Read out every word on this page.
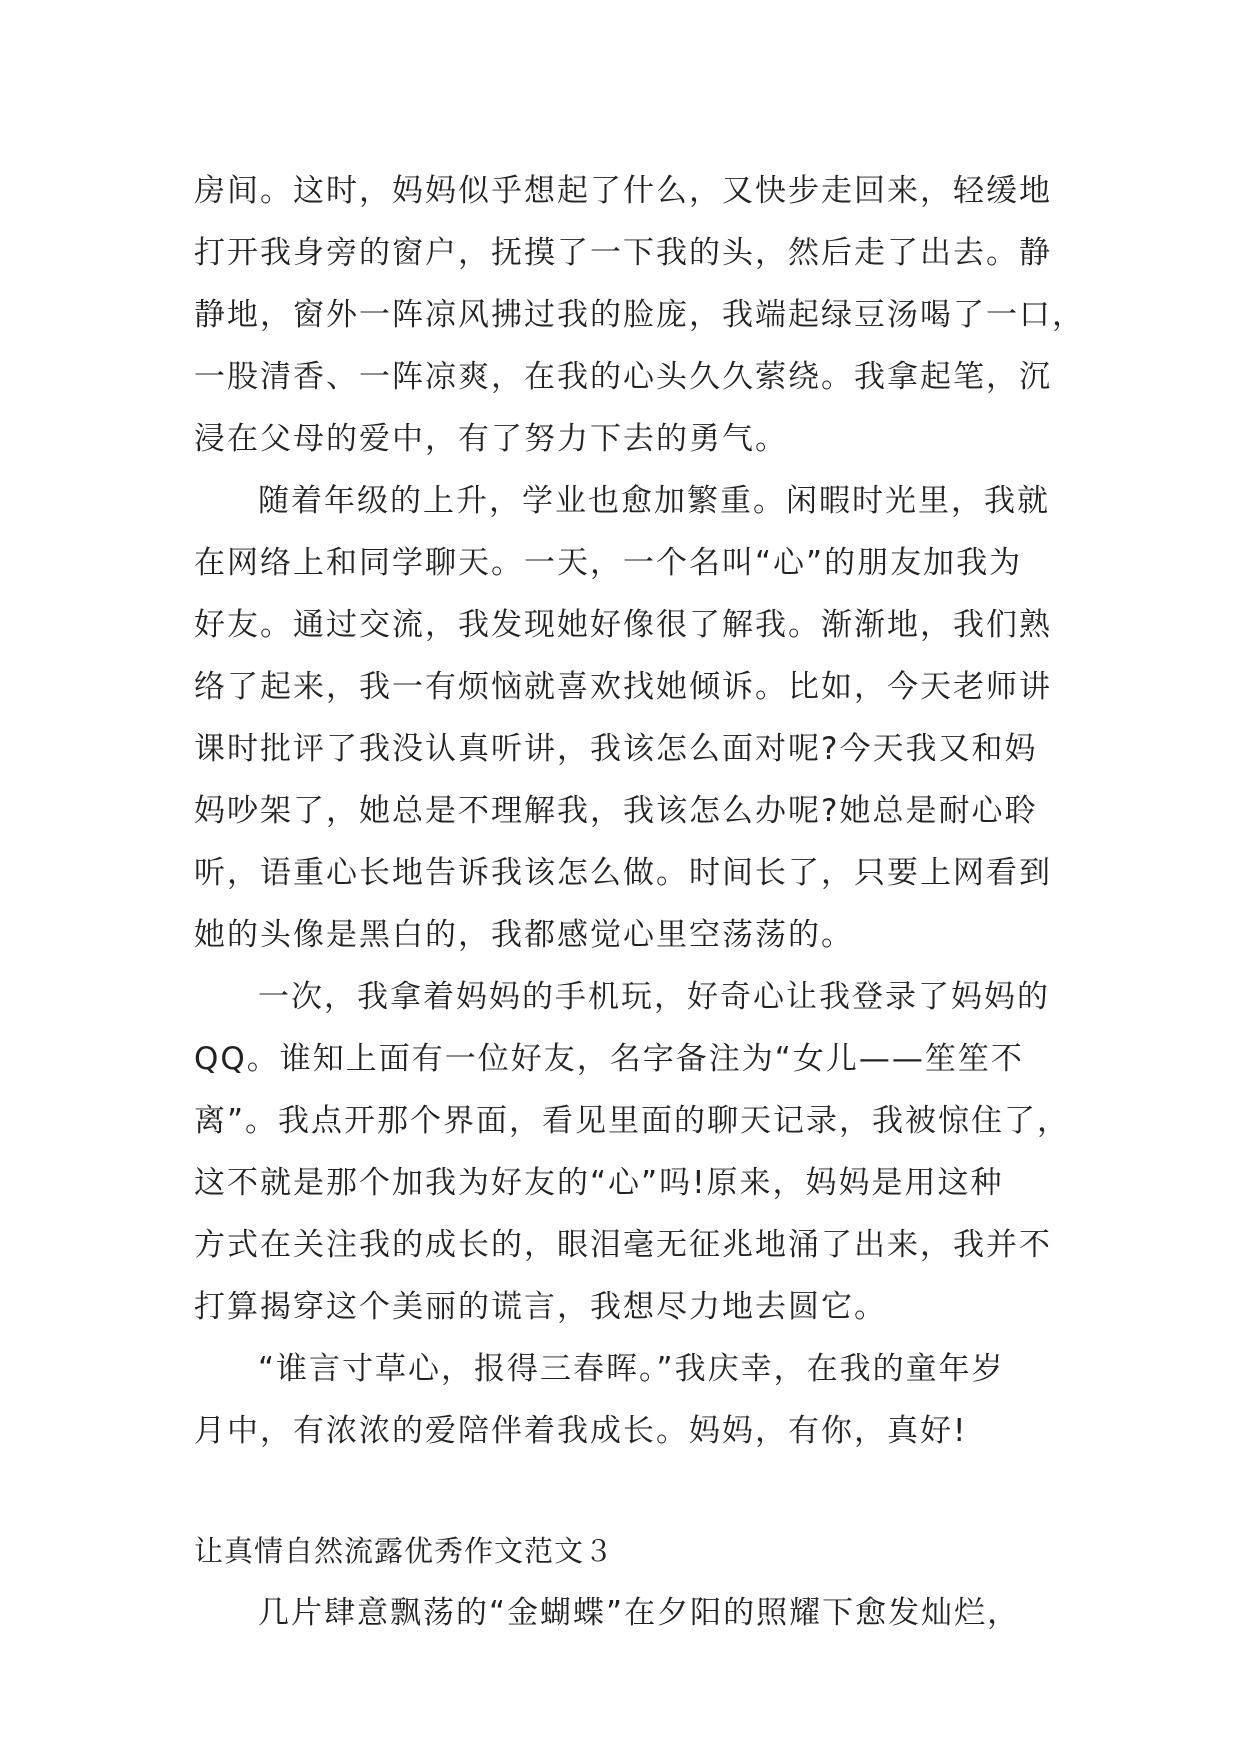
房间。这时，妈妈似乎想起了什么，又快步走回来，轻缓地
打开我身旁的窗户，抚摸了一下我的头，然后走了出去。静
静地，窗外一阵凉风拂过我的脸庞，我端起绿豆汤喝了一口，
一股清香、一阵凉爽，在我的心头久久萦绕。我拿起笔，沉
浸在父母的爱中，有了努力下去的勇气。
随着年级的上升，学业也愈加繁重。闲暇时光里，我就
在网络上和同学聊天。一天，一个名叫“心”的朋友加我为
好友。通过交流，我发现她好像很了解我。渐渐地，我们熟
络了起来，我一有烦恼就喜欢找她倾诉。比如，今天老师讲
课时批评了我没认真听讲，我该怎么面对呢?今天我又和妈
妈吵架了，她总是不理解我，我该怎么办呢?她总是耐心聆
听，语重心长地告诉我该怎么做。时间长了，只要上网看到
她的头像是黑白的，我都感觉心里空荡荡的。
一次，我拿着妈妈的手机玩，好奇心让我登录了妈妈的
QQ。谁知上面有一位好友，名字备注为“女儿——笙笙不
离”。我点开那个界面，看见里面的聊天记录，我被惊住了，
这不就是那个加我为好友的“心”吗!原来，妈妈是用这种
方式在关注我的成长的，眼泪毫无征兆地涌了出来，我并不
打算揭穿这个美丽的谎言，我想尽力地去圆它。
“谁言寸草心，报得三春晖。”我庆幸，在我的童年岁
月中，有浓浓的爱陪伴着我成长。妈妈，有你，真好!
让真情自然流露优秀作文范文３
几片肆意飘荡的“金蝴蝶”在夕阳的照耀下愈发灿烂，
